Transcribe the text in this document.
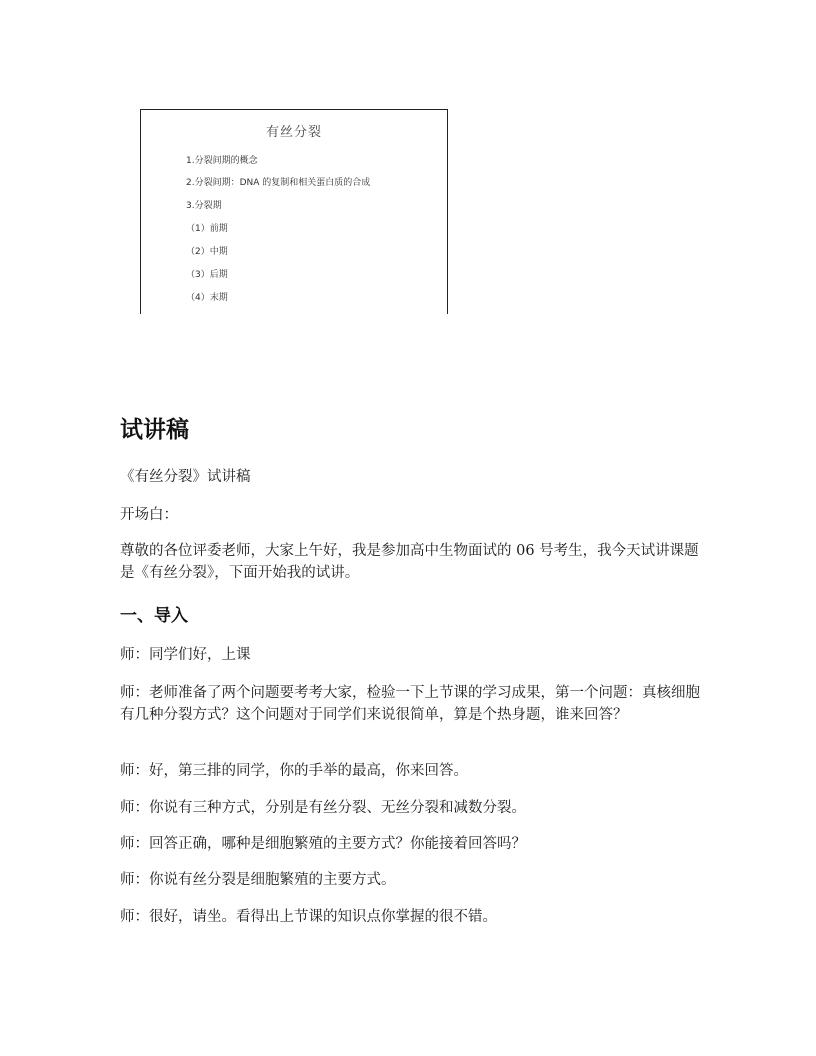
有丝分裂
1.分裂间期的概念
2.分裂间期：DNA 的复制和相关蛋白质的合成
3.分裂期
（1）前期
（2）中期
（3）后期
（4）末期
试讲稿

《有丝分裂》试讲稿

开场白：

尊敬的各位评委老师，大家上午好，我是参加高中生物面试的 06 号考生，我今天试讲课题是《有丝分裂》，下面开始我的试讲。

一、导入

师：同学们好，上课

师：老师准备了两个问题要考考大家，检验一下上节课的学习成果，第一个问题：真核细胞有几种分裂方式？这个问题对于同学们来说很简单，算是个热身题，谁来回答？

师：好，第三排的同学，你的手举的最高，你来回答。

师：你说有三种方式，分别是有丝分裂、无丝分裂和减数分裂。

师：回答正确，哪种是细胞繁殖的主要方式？你能接着回答吗？

师：你说有丝分裂是细胞繁殖的主要方式。

师：很好，请坐。看得出上节课的知识点你掌握的很不错。
